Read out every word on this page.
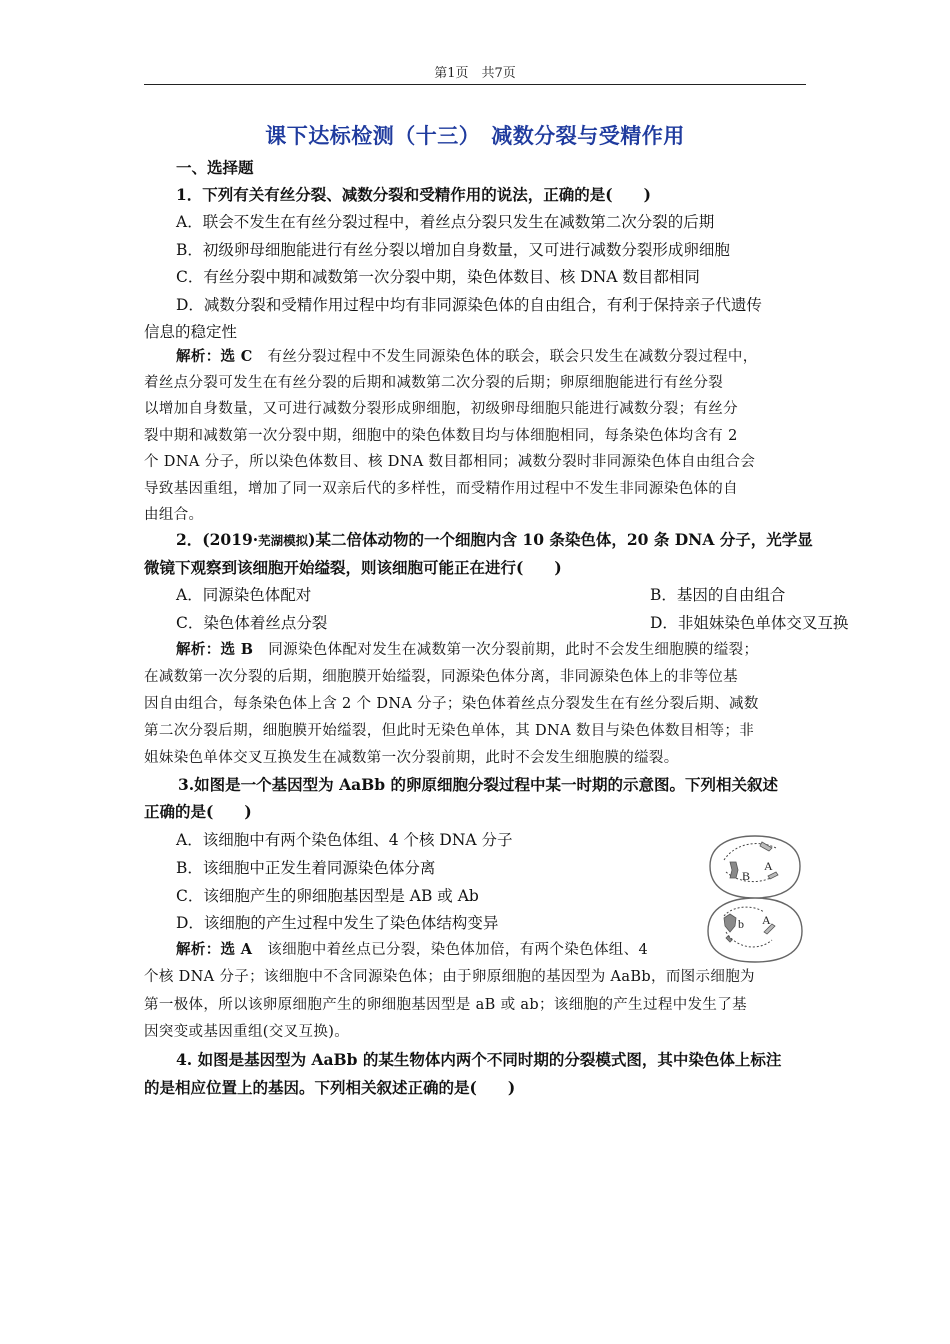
第1页　共7页
课下达标检测（十三）　减数分裂与受精作用
一、选择题
1．下列有关有丝分裂、减数分裂和受精作用的说法，正确的是(　　)
A．联会不发生在有丝分裂过程中，着丝点分裂只发生在减数第二次分裂的后期
B．初级卵母细胞能进行有丝分裂以增加自身数量，又可进行减数分裂形成卵细胞
C．有丝分裂中期和减数第一次分裂中期，染色体数目、核 DNA 数目都相同
D．减数分裂和受精作用过程中均有非同源染色体的自由组合，有利于保持亲子代遗传
信息的稳定性
解析：选 C　有丝分裂过程中不发生同源染色体的联会，联会只发生在减数分裂过程中，
着丝点分裂可发生在有丝分裂的后期和减数第二次分裂的后期；卵原细胞能进行有丝分裂
以增加自身数量，又可进行减数分裂形成卵细胞，初级卵母细胞只能进行减数分裂；有丝分
裂中期和减数第一次分裂中期，细胞中的染色体数目均与体细胞相同，每条染色体均含有 2
个 DNA 分子，所以染色体数目、核 DNA 数目都相同；减数分裂时非同源染色体自由组合会
导致基因重组，增加了同一双亲后代的多样性，而受精作用过程中不发生非同源染色体的自
由组合。
2．(2019·芜湖模拟)某二倍体动物的一个细胞内含 10 条染色体，20 条 DNA 分子，光学显
微镜下观察到该细胞开始缢裂，则该细胞可能正在进行(　　)
A．同源染色体配对	B．基因的自由组合
C．染色体着丝点分裂	D．非姐妹染色单体交叉互换
解析：选 B　同源染色体配对发生在减数第一次分裂前期，此时不会发生细胞膜的缢裂；
在减数第一次分裂的后期，细胞膜开始缢裂，同源染色体分离，非同源染色体上的非等位基
因自由组合，每条染色体上含 2 个 DNA 分子；染色体着丝点分裂发生在有丝分裂后期、减数
第二次分裂后期，细胞膜开始缢裂，但此时无染色单体，其 DNA 数目与染色体数目相等；非
姐妹染色单体交叉互换发生在减数第一次分裂前期，此时不会发生细胞膜的缢裂。
3.如图是一个基因型为 AaBb 的卵原细胞分裂过程中某一时期的示意图。下列相关叙述
正确的是(　　)
A．该细胞中有两个染色体组、4 个核 DNA 分子
B．该细胞中正发生着同源染色体分离
C．该细胞产生的卵细胞基因型是 AB 或 Ab
D．该细胞的产生过程中发生了染色体结构变异
B
A
b A
解析：选 A　该细胞中着丝点已分裂，染色体加倍，有两个染色体组、4
个核 DNA 分子；该细胞中不含同源染色体；由于卵原细胞的基因型为 AaBb，而图示细胞为
第一极体，所以该卵原细胞产生的卵细胞基因型是 aB 或 ab；该细胞的产生过程中发生了基
因突变或基因重组(交叉互换)。
4. 如图是基因型为 AaBb 的某生物体内两个不同时期的分裂模式图，其中染色体上标注
的是相应位置上的基因。下列相关叙述正确的是(　　)
